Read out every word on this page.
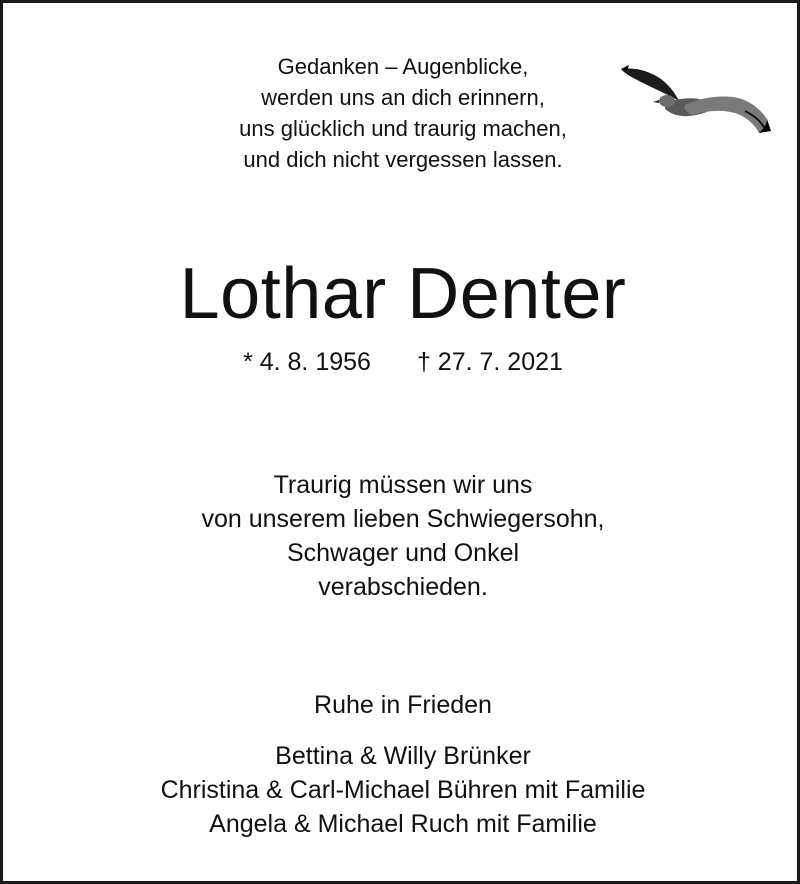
Gedanken – Augenblicke,
werden uns an dich erinnern,
uns glücklich und traurig machen,
und dich nicht vergessen lassen.
Lothar Denter
* 4. 8. 1956 † 27. 7. 2021
Traurig müssen wir uns
von unserem lieben Schwiegersohn,
Schwager und Onkel
verabschieden.
Ruhe in Frieden
Bettina & Willy Brünker
Christina & Carl-Michael Bühren mit Familie
Angela & Michael Ruch mit Familie
